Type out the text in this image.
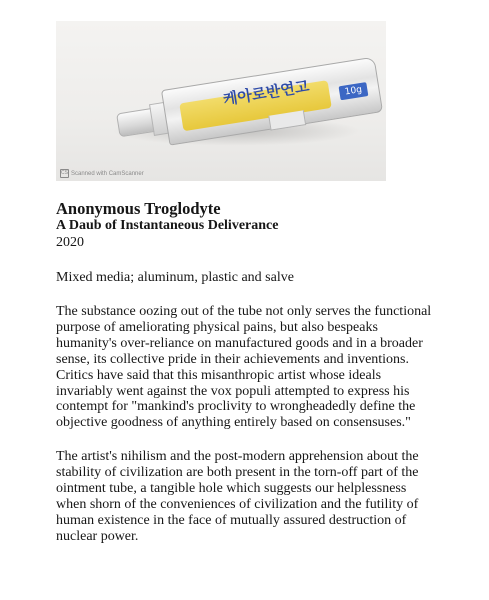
케아로반연고	10g
CS Scanned with CamScanner

Anonymous Troglodyte

A Daub of Instantaneous Deliverance

2020

Mixed media; aluminum, plastic and salve

The substance oozing out of the tube not only serves the functional purpose of ameliorating physical pains, but also bespeaks humanity's over-reliance on manufactured goods and in a broader sense, its collective pride in their achievements and inventions. Critics have said that this misanthropic artist whose ideals invariably went against the vox populi attempted to express his contempt for "mankind's proclivity to wrongheadedly define the objective goodness of anything entirely based on consensuses."

The artist's nihilism and the post-modern apprehension about the stability of civilization are both present in the torn-off part of the ointment tube, a tangible hole which suggests our helplessness when shorn of the conveniences of civilization and the futility of human existence in the face of mutually assured destruction of nuclear power.
